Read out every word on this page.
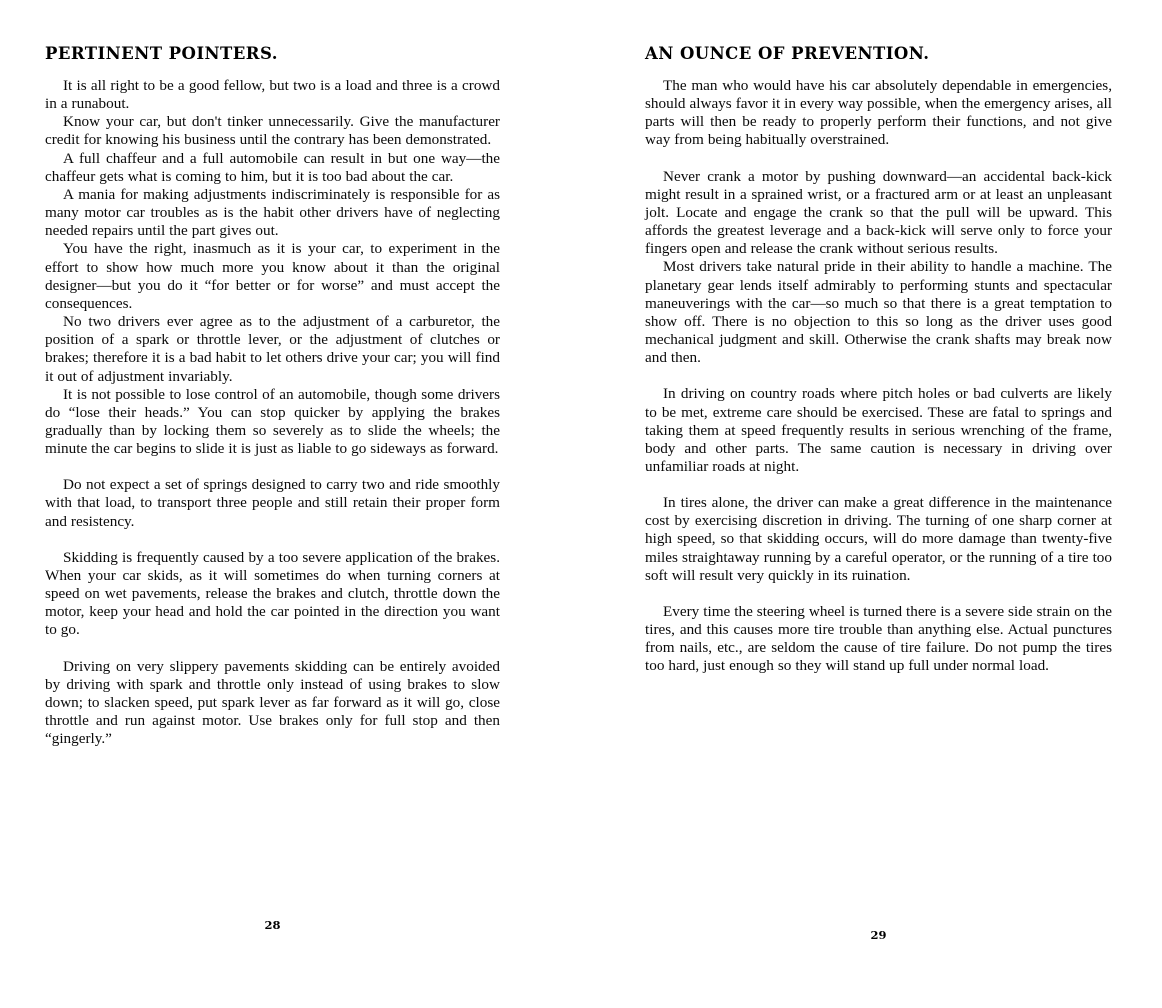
PERTINENT POINTERS.

It is all right to be a good fellow, but two is a load and three is a crowd in a runabout.

Know your car, but don't tinker unnecessarily. Give the manufacturer credit for knowing his business until the contrary has been demonstrated.

A full chaffeur and a full automobile can result in but one way—the chaffeur gets what is coming to him, but it is too bad about the car.

A mania for making adjustments indiscriminately is responsible for as many motor car troubles as is the habit other drivers have of neglecting needed repairs until the part gives out.

You have the right, inasmuch as it is your car, to experiment in the effort to show how much more you know about it than the original designer—but you do it “for better or for worse” and must accept the consequences.

No two drivers ever agree as to the adjustment of a carburetor, the position of a spark or throttle lever, or the adjustment of clutches or brakes; therefore it is a bad habit to let others drive your car; you will find it out of adjustment invariably.

It is not possible to lose control of an automobile, though some drivers do “lose their heads.” You can stop quicker by applying the brakes gradually than by locking them so severely as to slide the wheels; the minute the car begins to slide it is just as liable to go sideways as forward.

Do not expect a set of springs designed to carry two and ride smoothly with that load, to transport three people and still retain their proper form and resistency.

Skidding is frequently caused by a too severe application of the brakes. When your car skids, as it will sometimes do when turning corners at speed on wet pavements, release the brakes and clutch, throttle down the motor, keep your head and hold the car pointed in the direction you want to go.

Driving on very slippery pavements skidding can be entirely avoided by driving with spark and throttle only instead of using brakes to slow down; to slacken speed, put spark lever as far forward as it will go, close throttle and run against motor. Use brakes only for full stop and then “gingerly.”

AN OUNCE OF PREVENTION.

The man who would have his car absolutely dependable in emergencies, should always favor it in every way possible, when the emergency arises, all parts will then be ready to properly perform their functions, and not give way from being habitually overstrained.

Never crank a motor by pushing downward—an accidental back-kick might result in a sprained wrist, or a fractured arm or at least an unpleasant jolt. Locate and engage the crank so that the pull will be upward. This affords the greatest leverage and a back-kick will serve only to force your fingers open and release the crank without serious results.

Most drivers take natural pride in their ability to handle a machine. The planetary gear lends itself admirably to performing stunts and spectacular maneuverings with the car—so much so that there is a great temptation to show off. There is no objection to this so long as the driver uses good mechanical judgment and skill. Otherwise the crank shafts may break now and then.

In driving on country roads where pitch holes or bad culverts are likely to be met, extreme care should be exercised. These are fatal to springs and taking them at speed frequently results in serious wrenching of the frame, body and other parts. The same caution is necessary in driving over unfamiliar roads at night.

In tires alone, the driver can make a great difference in the maintenance cost by exercising discretion in driving. The turning of one sharp corner at high speed, so that skidding occurs, will do more damage than twenty-five miles straightaway running by a careful operator, or the running of a tire too soft will result very quickly in its ruination.

Every time the steering wheel is turned there is a severe side strain on the tires, and this causes more tire trouble than anything else. Actual punctures from nails, etc., are seldom the cause of tire failure. Do not pump the tires too hard, just enough so they will stand up full under normal load.

28
29
